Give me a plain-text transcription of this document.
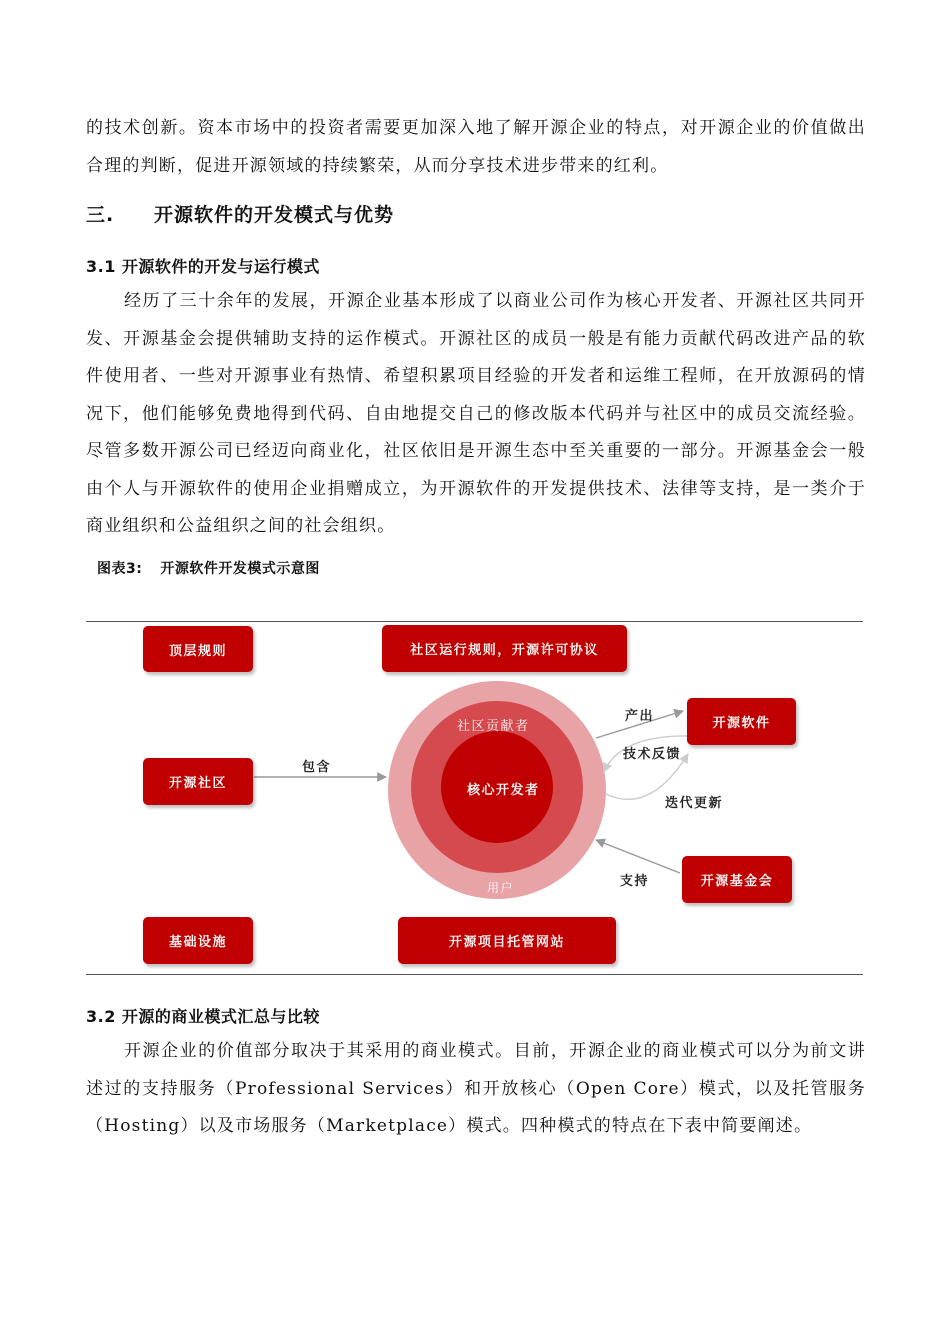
的技术创新。资本市场中的投资者需要更加深入地了解开源企业的特点，对开源企业的价值做出合理的判断，促进开源领域的持续繁荣，从而分享技术进步带来的红利。

三. 开源软件的开发模式与优势
3.1 开源软件的开发与运行模式

经历了三十余年的发展，开源企业基本形成了以商业公司作为核心开发者、开源社区共同开发、开源基金会提供辅助支持的运作模式。开源社区的成员一般是有能力贡献代码改进产品的软件使用者、一些对开源事业有热情、希望积累项目经验的开发者和运维工程师，在开放源码的情况下，他们能够免费地得到代码、自由地提交自己的修改版本代码并与社区中的成员交流经验。尽管多数开源公司已经迈向商业化，社区依旧是开源生态中至关重要的一部分。开源基金会一般由个人与开源软件的使用企业捐赠成立，为开源软件的开发提供技术、法律等支持，是一类介于商业组织和公益组织之间的社会组织。

图表3: 开源软件开发模式示意图

社区贡献者
核心开发者
用户
顶层规则	社区运行规则，开源许可协议
开源社区
基础设施	开源项目托管网站
开源软件
开源基金会
包含
产出
技术反馈
迭代更新
支持
3.2 开源的商业模式汇总与比较

开源企业的价值部分取决于其采用的商业模式。目前，开源企业的商业模式可以分为前文讲述过的支持服务（Professional Services）和开放核心（Open Core）模式，以及托管服务（Hosting）以及市场服务（Marketplace）模式。四种模式的特点在下表中简要阐述。
